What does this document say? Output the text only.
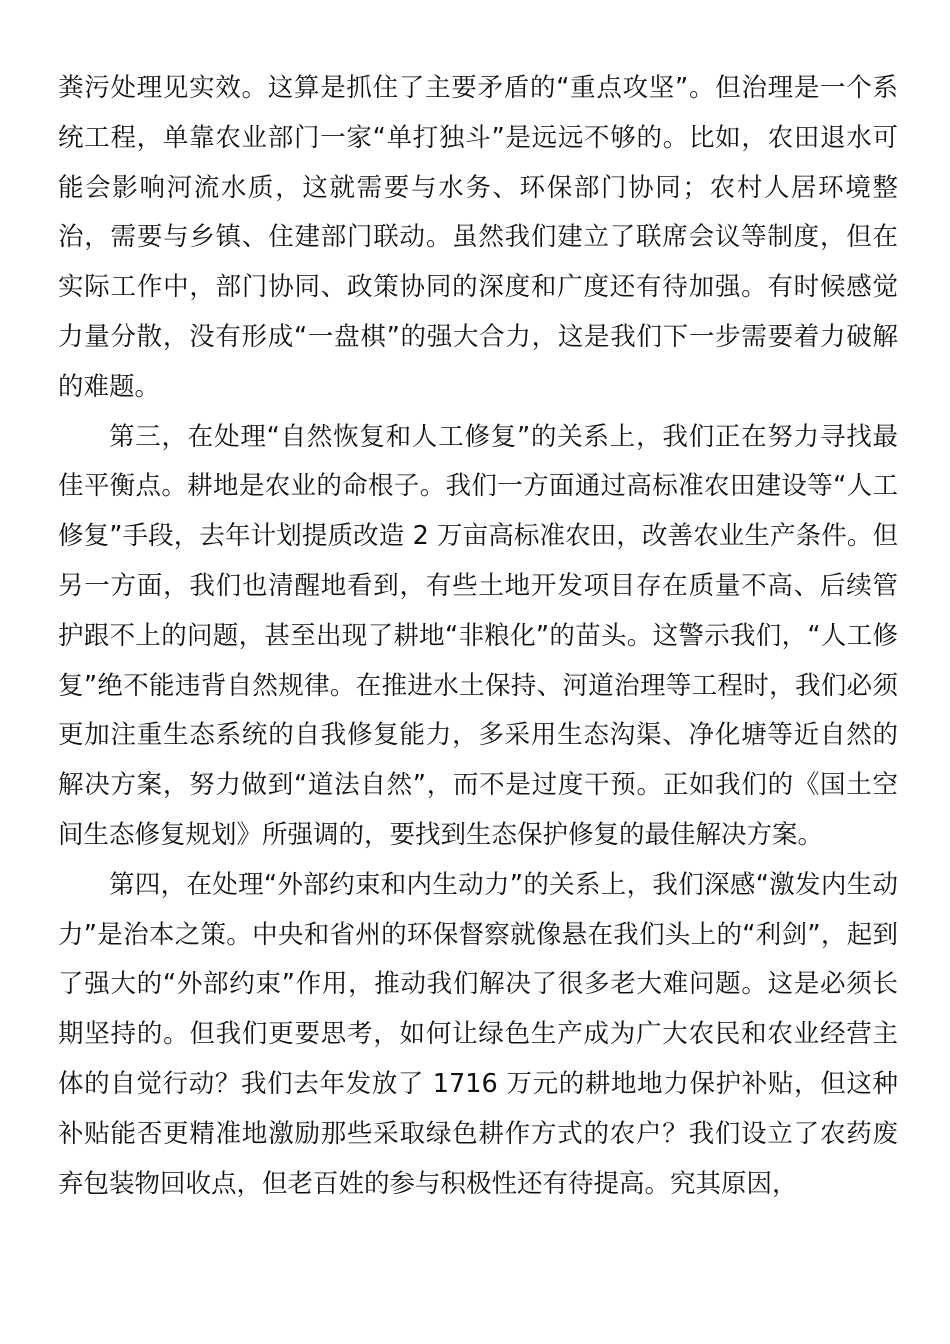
粪污处理见实效。这算是抓住了主要矛盾的“重点攻坚”。但治理是一个系统工程，单靠农业部门一家“单打独斗”是远远不够的。比如，农田退水可能会影响河流水质，这就需要与水务、环保部门协同；农村人居环境整治，需要与乡镇、住建部门联动。虽然我们建立了联席会议等制度，但在实际工作中，部门协同、政策协同的深度和广度还有待加强。有时候感觉力量分散，没有形成“一盘棋”的强大合力，这是我们下一步需要着力破解的难题。

第三，在处理“自然恢复和人工修复”的关系上，我们正在努力寻找最佳平衡点。耕地是农业的命根子。我们一方面通过高标准农田建设等“人工修复”手段，去年计划提质改造 2 万亩高标准农田，改善农业生产条件。但另一方面，我们也清醒地看到，有些土地开发项目存在质量不高、后续管护跟不上的问题，甚至出现了耕地“非粮化”的苗头。这警示我们，“人工修复”绝不能违背自然规律。在推进水土保持、河道治理等工程时，我们必须更加注重生态系统的自我修复能力，多采用生态沟渠、净化塘等近自然的解决方案，努力做到“道法自然”，而不是过度干预。正如我们的《国土空间生态修复规划》所强调的，要找到生态保护修复的最佳解决方案。

第四，在处理“外部约束和内生动力”的关系上，我们深感“激发内生动力”是治本之策。中央和省州的环保督察就像悬在我们头上的“利剑”，起到了强大的“外部约束”作用，推动我们解决了很多老大难问题。这是必须长期坚持的。但我们更要思考，如何让绿色生产成为广大农民和农业经营主体的自觉行动？我们去年发放了 1716 万元的耕地地力保护补贴，但这种补贴能否更精准地激励那些采取绿色耕作方式的农户？我们设立了农药废弃包装物回收点，但老百姓的参与积极性还有待提高。究其原因，
